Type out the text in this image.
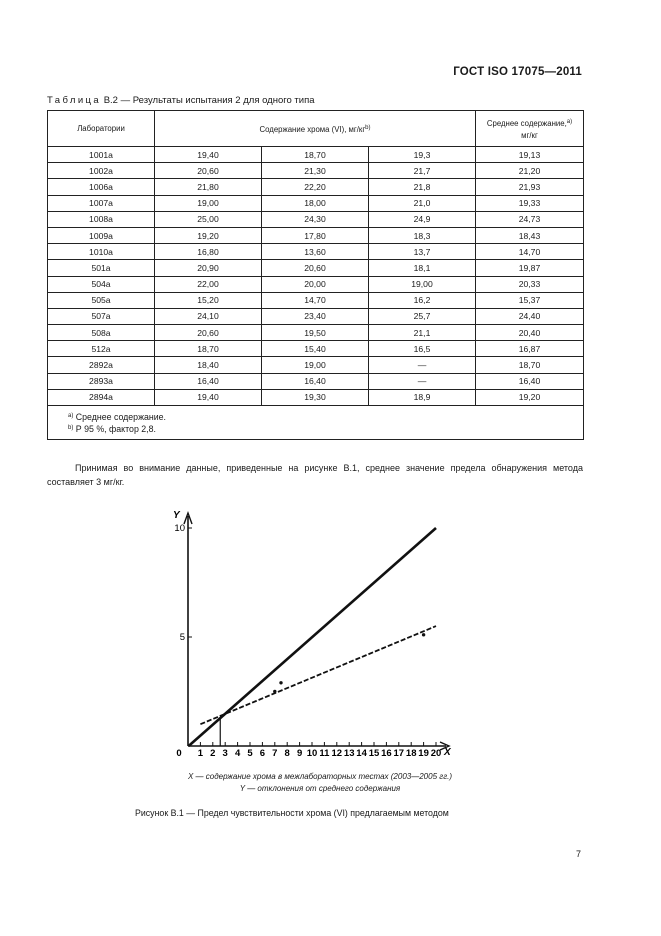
ГОСТ ISO 17075—2011
Таблица В.2 — Результаты испытания 2 для одного типа
Лаборатории	Содержание хрома (VI), $мг/кг^{b)}$			Среднее содержание,$^{a)}$
мг/кг
1001a	19,40	18,70	19,3	19,13
1002a	20,60	21,30	21,7	21,20
1006a	21,80	22,20	21,8	21,93
1007a	19,00	18,00	21,0	19,33
1008a	25,00	24,30	24,9	24,73
1009a	19,20	17,80	18,3	18,43
1010a	16,80	13,60	13,7	14,70
501a	20,90	20,60	18,1	19,87
504a	22,00	20,00	19,00	20,33
505a	15,20	14,70	16,2	15,37
507a	24,10	23,40	25,7	24,40
508a	20,60	19,50	21,1	20,40
512a	18,70	15,40	16,5	16,87
2892a	18,40	19,00	—	18,70
2893a	16,40	16,40	—	16,40
2894a	19,40	19,30	18,9	19,20

$^{a)}$ Среднее содержание.
$^{b)}$ Р 95 %, фактор 2,8.				
Принимая во внимание данные, приведенные на рисунке В.1, среднее значение предела обнаружения метода составляет 3 мг/кг.
Y
X
0 1 2 3 4 5 6 7 8 9 10 11 12 13 14 15 16 17 18 19 20
5
10
X — содержание хрома в межлабораторных тестах (2003—2005 гг.)
Y — отклонения от среднего содержания
Рисунок В.1 — Предел чувствительности хрома (VI) предлагаемым методом
7
